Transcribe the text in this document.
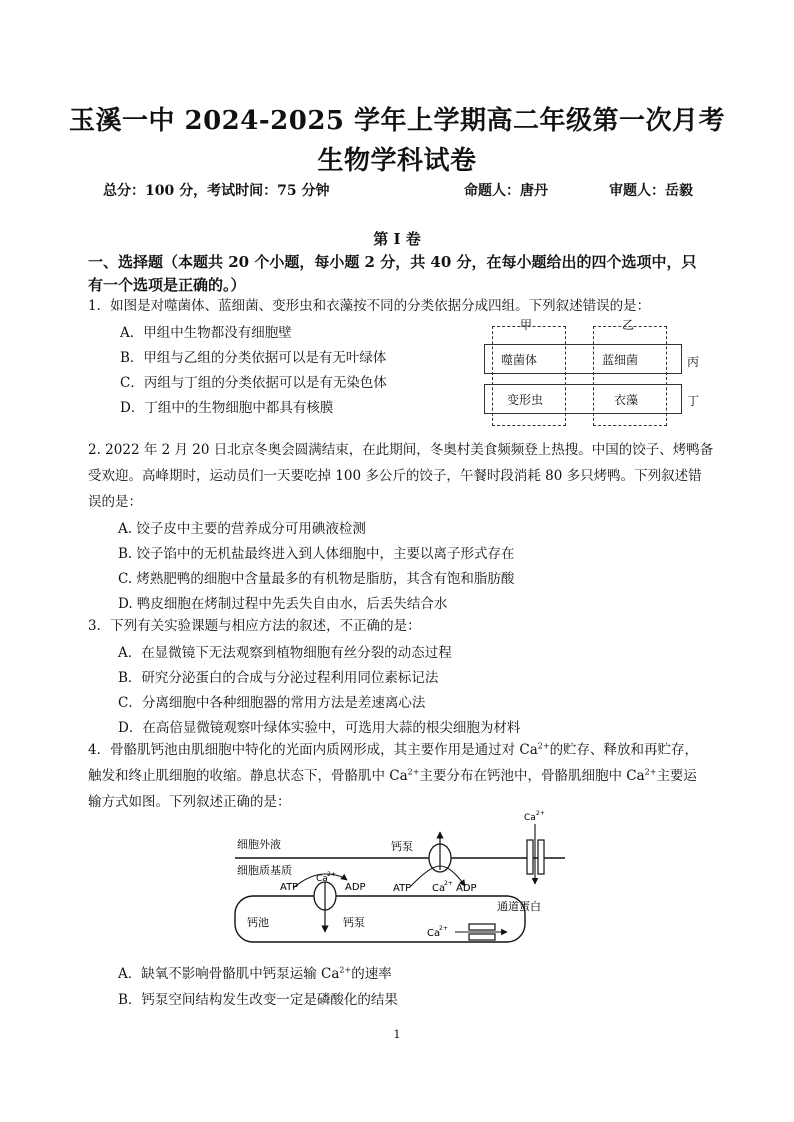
玉溪一中 2024-2025 学年上学期高二年级第一次月考
生物学科试卷
总分：100 分，考试时间：75 分钟	命题人：唐丹	审题人：岳毅
第 I 卷
一、选择题（本题共 20 个小题，每小题 2 分，共 40 分，在每小题给出的四个选项中，只
有一个选项是正确的。）
1．如图是对噬菌体、蓝细菌、变形虫和衣藻按不同的分类依据分成四组。下列叙述错误的是：
A．甲组中生物都没有细胞壁
B．甲组与乙组的分类依据可以是有无叶绿体
C．丙组与丁组的分类依据可以是有无染色体
D．丁组中的生物细胞中都具有核膜
甲	乙
丙
丁
噬菌体	蓝细菌
变形虫	衣藻
2. 2022 年 2 月 20 日北京冬奥会圆满结束，在此期间，冬奥村美食频频登上热搜。中国的饺子、烤鸭备
受欢迎。高峰期时，运动员们一天要吃掉 100 多公斤的饺子，午餐时段消耗 80 多只烤鸭。下列叙述错
误的是：
A. 饺子皮中主要的营养成分可用碘液检测
B. 饺子馅中的无机盐最终进入到人体细胞中，主要以离子形式存在
C. 烤熟肥鸭的细胞中含量最多的有机物是脂肪，其含有饱和脂肪酸
D. 鸭皮细胞在烤制过程中先丢失自由水，后丢失结合水
3．下列有关实验课题与相应方法的叙述，不正确的是：
A．在显微镜下无法观察到植物细胞有丝分裂的动态过程
B．研究分泌蛋白的合成与分泌过程利用同位素标记法
C．分离细胞中各种细胞器的常用方法是差速离心法
D．在高倍显微镜观察叶绿体实验中，可选用大蒜的根尖细胞为材料
4．骨骼肌钙池由肌细胞中特化的光面内质网形成，其主要作用是通过对 $Ca^{2+}$的贮存、释放和再贮存，
触发和终止肌细胞的收缩。静息状态下，骨骼肌中 $Ca^{2+}$主要分布在钙池中，骨骼肌细胞中 $Ca^{2+}$主要运
输方式如图。下列叙述正确的是：
细胞外液
细胞质基质
钙泵
ATP Ca
2+ ADP
Ca 2+
通道蛋白
钙池
ATP
Ca 2+
ADP
钙泵
Ca
2+
A．缺氧不影响骨骼肌中钙泵运输 $Ca^{2+}$的速率
B．钙泵空间结构发生改变一定是磷酸化的结果
1
